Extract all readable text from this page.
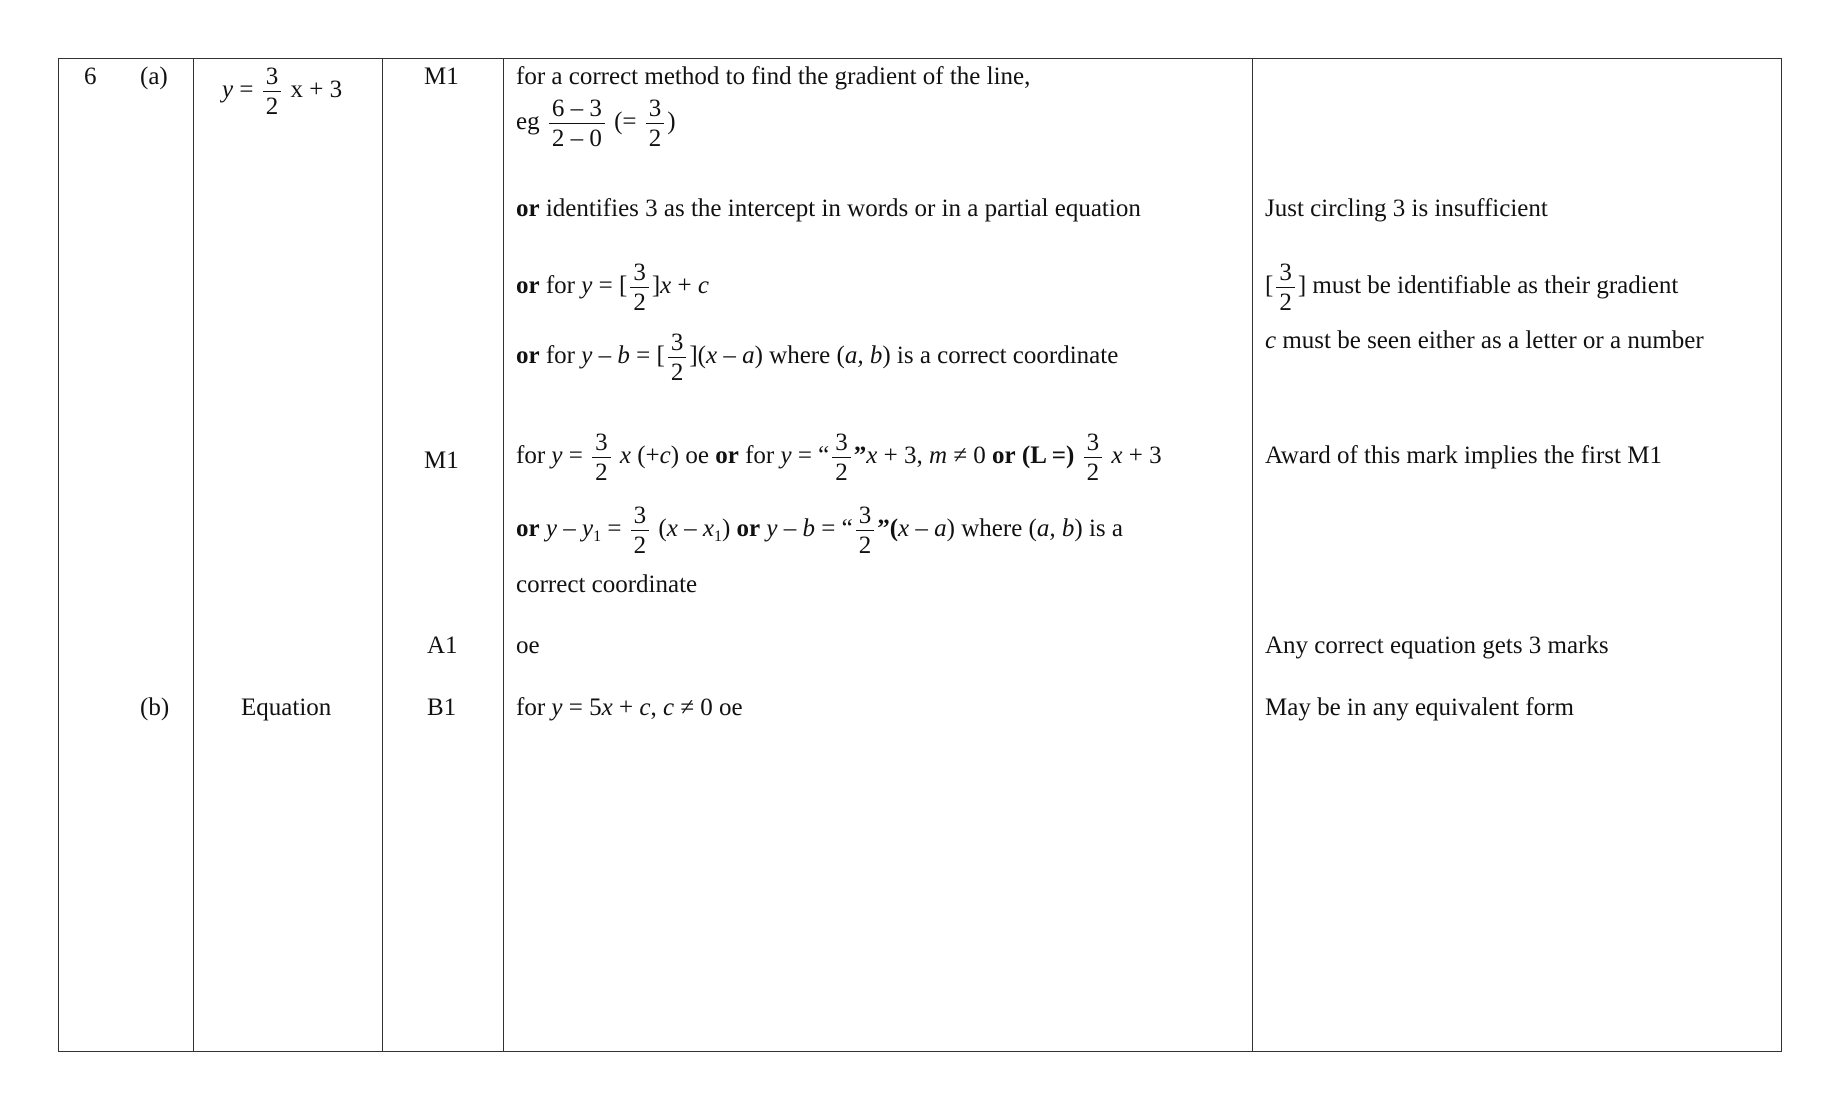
6 (a)
(b)
$y = \frac{3}{2}$ x + 3
Equation
M1
M1
A1
B1
for a correct method to find the gradient of the line,
eg $\frac{6 - 3}{2 - 0}$ (= $\frac{3}{2}$ )
or identifies 3 as the intercept in words or in a partial equation
or for y = [ $\frac{3}{2} ]x + c$
or for y – b = [ $\frac{3}{2} ](x - a)$ where (a, b) is a correct coordinate
for $y = \frac{3}{2}$ x (+c) oe or for y = “ $\frac{3}{2}$ ”x + 3, m ≠ 0 or (L =) $\frac{3}{2}$ x + 3
or $y - y_1 = \frac{3}{2} (x - x_1)$ or y – b = “ $\frac{3}{2}$ ”(x – a) where (a, b) is a
correct coordinate
oe
for y = 5x + c, c ≠ 0 oe
Just circling 3 is insufficient
[ $\frac{3}{2}$ ] must be identifiable as their gradient
c must be seen either as a letter or a number
Award of this mark implies the first M1
Any correct equation gets 3 marks
May be in any equivalent form
